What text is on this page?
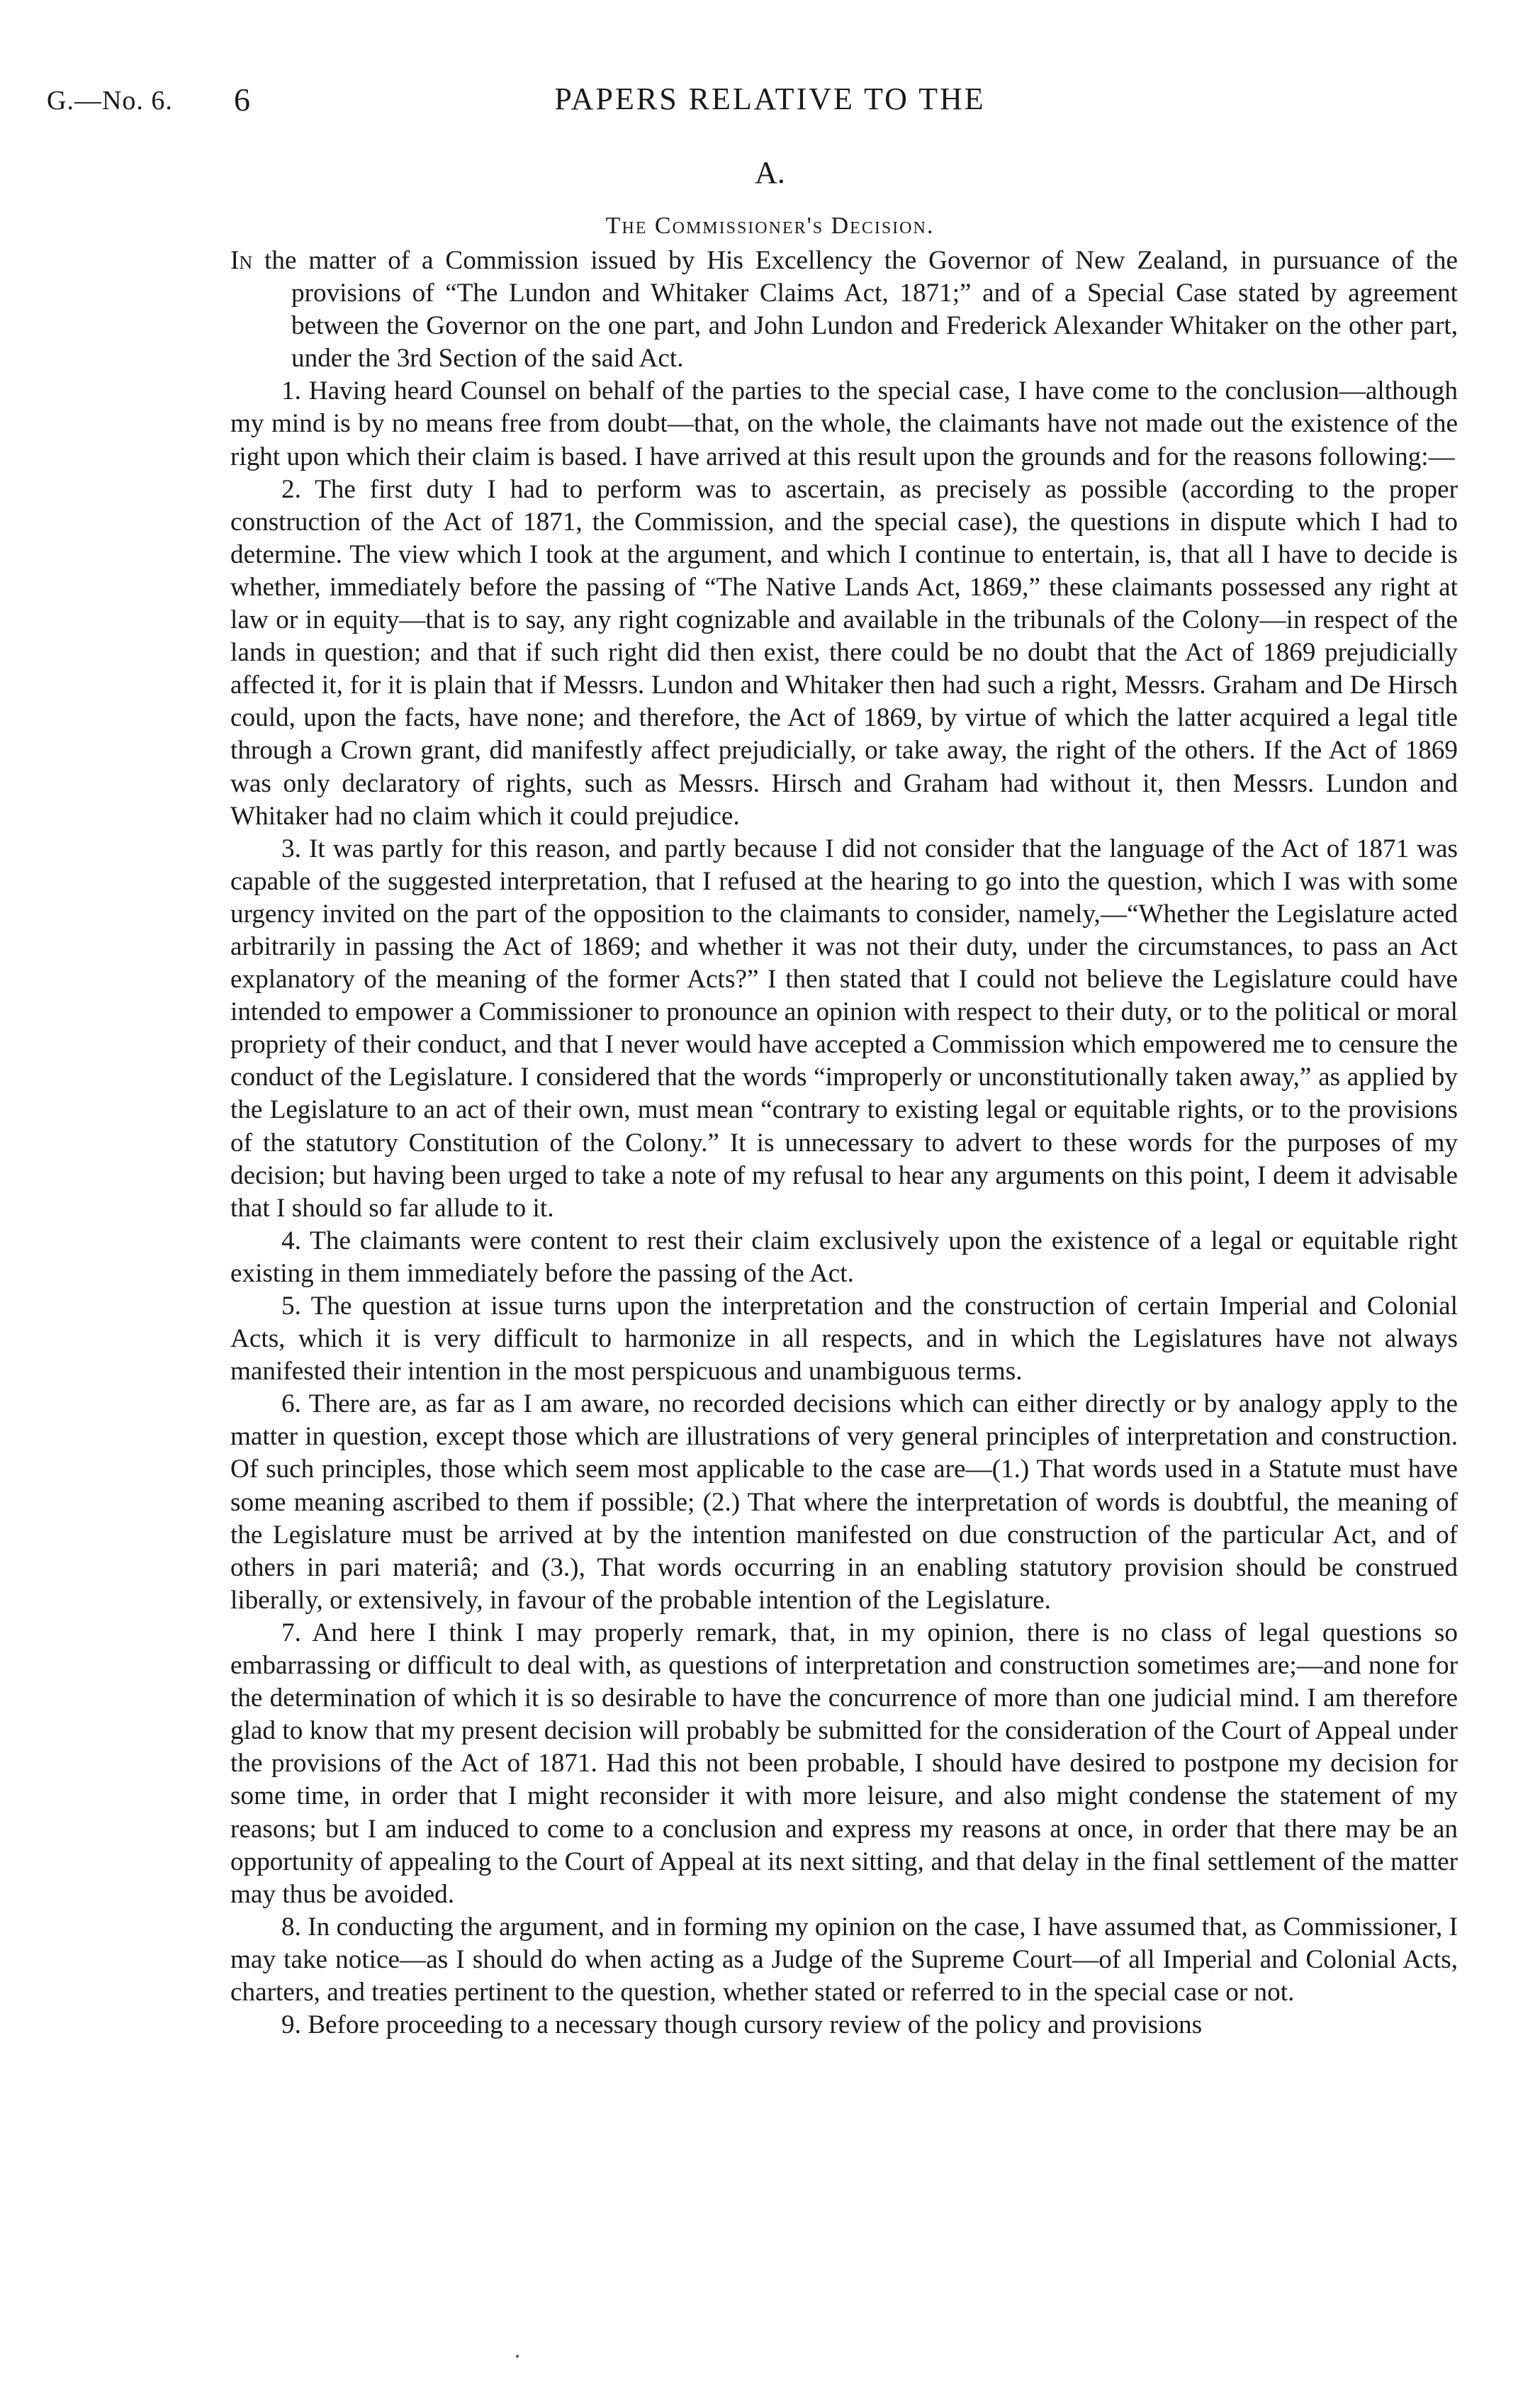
G.—No. 6. 6	PAPERS RELATIVE TO THE
A.
The Commissioner's Decision.

In the matter of a Commission issued by His Excellency the Governor of New Zealand, in pursuance of the provisions of “The Lundon and Whitaker Claims Act, 1871;” and of a Special Case stated by agreement between the Governor on the one part, and John Lundon and Frederick Alexander Whitaker on the other part, under the 3rd Section of the said Act.

1. Having heard Counsel on behalf of the parties to the special case, I have come to the conclusion—although my mind is by no means free from doubt—that, on the whole, the claimants have not made out the existence of the right upon which their claim is based. I have arrived at this result upon the grounds and for the reasons following:—

2. The first duty I had to perform was to ascertain, as precisely as possible (according to the proper construction of the Act of 1871, the Commission, and the special case), the questions in dispute which I had to determine. The view which I took at the argument, and which I continue to entertain, is, that all I have to decide is whether, immediately before the passing of “The Native Lands Act, 1869,” these claimants possessed any right at law or in equity—that is to say, any right cognizable and available in the tribunals of the Colony—in respect of the lands in question; and that if such right did then exist, there could be no doubt that the Act of 1869 prejudicially affected it, for it is plain that if Messrs. Lundon and Whitaker then had such a right, Messrs. Graham and De Hirsch could, upon the facts, have none; and therefore, the Act of 1869, by virtue of which the latter acquired a legal title through a Crown grant, did manifestly affect prejudicially, or take away, the right of the others. If the Act of 1869 was only declaratory of rights, such as Messrs. Hirsch and Graham had without it, then Messrs. Lundon and Whitaker had no claim which it could prejudice.

3. It was partly for this reason, and partly because I did not consider that the language of the Act of 1871 was capable of the suggested interpretation, that I refused at the hearing to go into the question, which I was with some urgency invited on the part of the opposition to the claimants to consider, namely,—“Whether the Legislature acted arbitrarily in passing the Act of 1869; and whether it was not their duty, under the circumstances, to pass an Act explanatory of the meaning of the former Acts?” I then stated that I could not believe the Legislature could have intended to empower a Commissioner to pronounce an opinion with respect to their duty, or to the political or moral propriety of their conduct, and that I never would have accepted a Commission which empowered me to censure the conduct of the Legislature. I considered that the words “improperly or unconstitutionally taken away,” as applied by the Legislature to an act of their own, must mean “contrary to existing legal or equitable rights, or to the provisions of the statutory Constitution of the Colony.” It is unnecessary to advert to these words for the purposes of my decision; but having been urged to take a note of my refusal to hear any arguments on this point, I deem it advisable that I should so far allude to it.

4. The claimants were content to rest their claim exclusively upon the existence of a legal or equitable right existing in them immediately before the passing of the Act.

5. The question at issue turns upon the interpretation and the construction of certain Imperial and Colonial Acts, which it is very difficult to harmonize in all respects, and in which the Legislatures have not always manifested their intention in the most perspicuous and unambiguous terms.

6. There are, as far as I am aware, no recorded decisions which can either directly or by analogy apply to the matter in question, except those which are illustrations of very general principles of interpretation and construction. Of such principles, those which seem most applicable to the case are—(1.) That words used in a Statute must have some meaning ascribed to them if possible; (2.) That where the interpretation of words is doubtful, the meaning of the Legislature must be arrived at by the intention manifested on due construction of the particular Act, and of others in pari materiâ; and (3.), That words occurring in an enabling statutory provision should be construed liberally, or extensively, in favour of the probable intention of the Legislature.

7. And here I think I may properly remark, that, in my opinion, there is no class of legal questions so embarrassing or difficult to deal with, as questions of interpretation and construction sometimes are;—and none for the determination of which it is so desirable to have the concurrence of more than one judicial mind. I am therefore glad to know that my present decision will probably be submitted for the consideration of the Court of Appeal under the provisions of the Act of 1871. Had this not been probable, I should have desired to postpone my decision for some time, in order that I might reconsider it with more leisure, and also might condense the statement of my reasons; but I am induced to come to a conclusion and express my reasons at once, in order that there may be an opportunity of appealing to the Court of Appeal at its next sitting, and that delay in the final settlement of the matter may thus be avoided.

8. In conducting the argument, and in forming my opinion on the case, I have assumed that, as Commissioner, I may take notice—as I should do when acting as a Judge of the Supreme Court—of all Imperial and Colonial Acts, charters, and treaties pertinent to the question, whether stated or referred to in the special case or not.

9. Before proceeding to a necessary though cursory review of the policy and provisions
